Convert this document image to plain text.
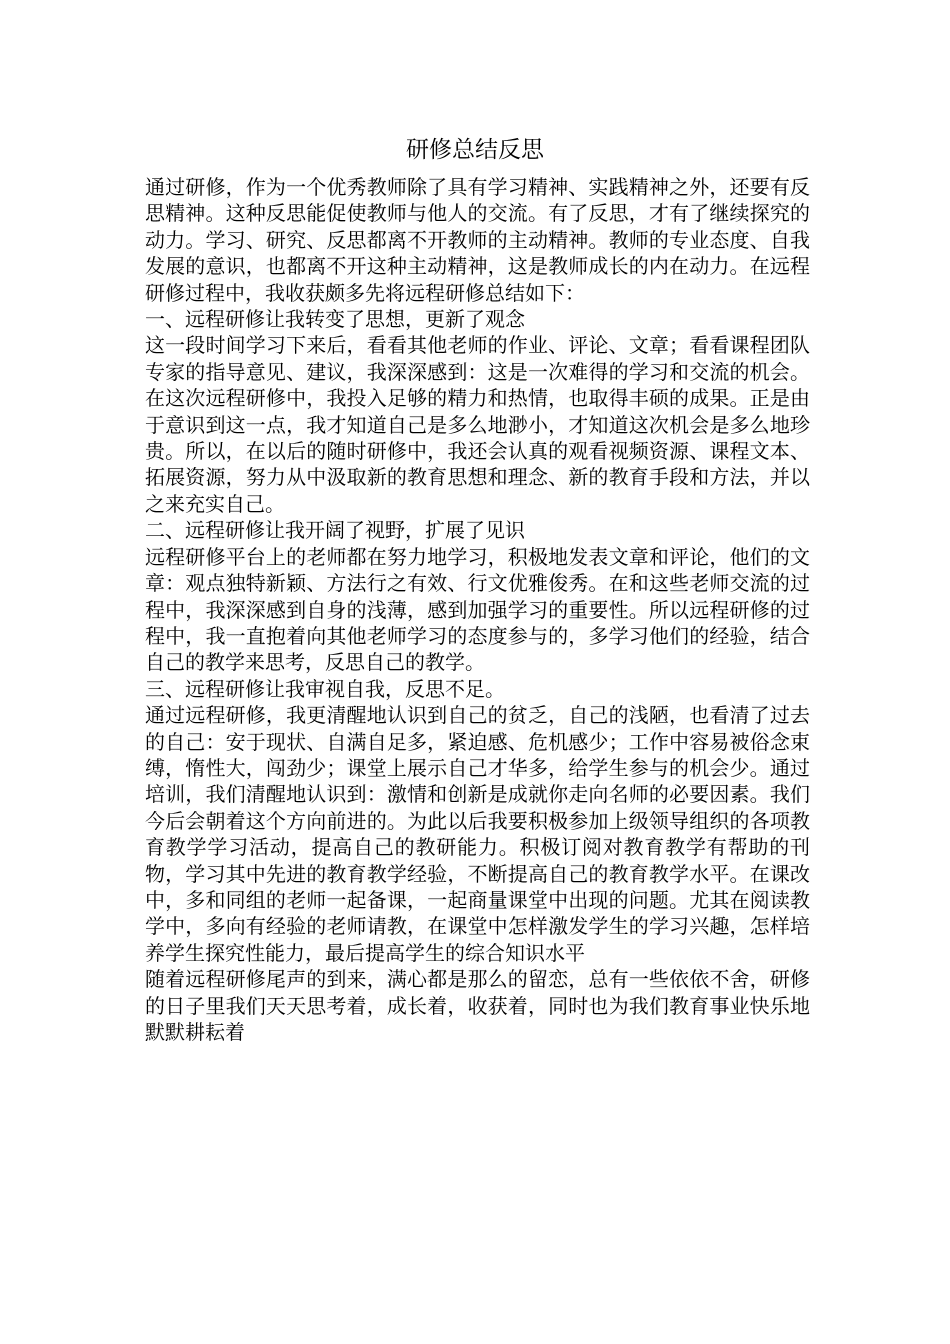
研修总结反思

通过研修，作为一个优秀教师除了具有学习精神、实践精神之外，还要有反思精神。这种反思能促使教师与他人的交流。有了反思，才有了继续探究的动力。学习、研究、反思都离不开教师的主动精神。教师的专业态度、自我发展的意识，也都离不开这种主动精神，这是教师成长的内在动力。在远程研修过程中，我收获颇多先将远程研修总结如下：

一、远程研修让我转变了思想，更新了观念

这一段时间学习下来后，看看其他老师的作业、评论、文章；看看课程团队专家的指导意见、建议，我深深感到：这是一次难得的学习和交流的机会。在这次远程研修中，我投入足够的精力和热情，也取得丰硕的成果。正是由于意识到这一点，我才知道自己是多么地渺小，才知道这次机会是多么地珍贵。所以，在以后的随时研修中，我还会认真的观看视频资源、课程文本、拓展资源，努力从中汲取新的教育思想和理念、新的教育手段和方法，并以之来充实自己。

二、远程研修让我开阔了视野，扩展了见识

远程研修平台上的老师都在努力地学习，积极地发表文章和评论，他们的文章：观点独特新颖、方法行之有效、行文优雅俊秀。在和这些老师交流的过程中，我深深感到自身的浅薄，感到加强学习的重要性。所以远程研修的过程中，我一直抱着向其他老师学习的态度参与的，多学习他们的经验，结合自己的教学来思考，反思自己的教学。

三、远程研修让我审视自我，反思不足。

通过远程研修，我更清醒地认识到自己的贫乏，自己的浅陋，也看清了过去的自己：安于现状、自满自足多，紧迫感、危机感少；工作中容易被俗念束缚，惰性大，闯劲少；课堂上展示自己才华多，给学生参与的机会少。通过培训，我们清醒地认识到：激情和创新是成就你走向名师的必要因素。我们今后会朝着这个方向前进的。为此以后我要积极参加上级领导组织的各项教育教学学习活动，提高自己的教研能力。积极订阅对教育教学有帮助的刊物，学习其中先进的教育教学经验，不断提高自己的教育教学水平。在课改中，多和同组的老师一起备课，一起商量课堂中出现的问题。尤其在阅读教学中，多向有经验的老师请教，在课堂中怎样激发学生的学习兴趣，怎样培养学生探究性能力，最后提高学生的综合知识水平

随着远程研修尾声的到来，满心都是那么的留恋，总有一些依依不舍，研修的日子里我们天天思考着，成长着，收获着，同时也为我们教育事业快乐地默默耕耘着
